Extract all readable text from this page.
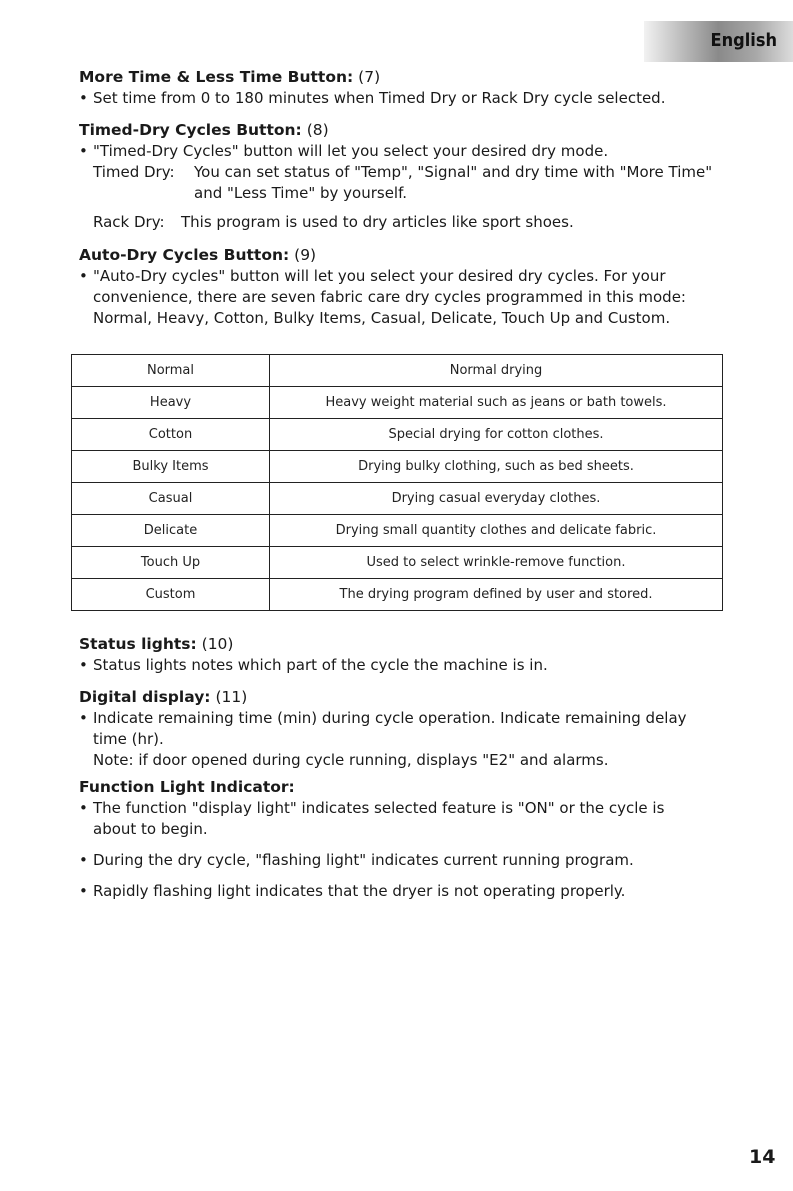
English

More Time & Less Time Button: (7)

• Set time from 0 to 180 minutes when Timed Dry or Rack Dry cycle selected.

Timed-Dry Cycles Button: (8)

• "Timed-Dry Cycles" button will let you select your desired dry mode.

Timed Dry: You can set status of "Temp", "Signal" and dry time with "More Time"

and "Less Time" by yourself.

Rack Dry: This program is used to dry articles like sport shoes.

Auto-Dry Cycles Button: (9)

• "Auto-Dry cycles" button will let you select your desired dry cycles. For your

convenience, there are seven fabric care dry cycles programmed in this mode:

Normal, Heavy, Cotton, Bulky Items, Casual, Delicate, Touch Up and Custom.

Normal	Normal drying
Heavy	Heavy weight material such as jeans or bath towels.
Cotton	Special drying for cotton clothes.
Bulky Items	Drying bulky clothing, such as bed sheets.
Casual	Drying casual everyday clothes.
Delicate	Drying small quantity clothes and delicate fabric.
Touch Up	Used to select wrinkle-remove function.
Custom	The drying program defined by user and stored.

Status lights: (10)

• Status lights notes which part of the cycle the machine is in.

Digital display: (11)

• Indicate remaining time (min) during cycle operation. Indicate remaining delay

time (hr).

Note: if door opened during cycle running, displays "E2" and alarms.

Function Light Indicator:

• The function "display light" indicates selected feature is "ON" or the cycle is

about to begin.

• During the dry cycle, "flashing light" indicates current running program.

• Rapidly flashing light indicates that the dryer is not operating properly.

14
